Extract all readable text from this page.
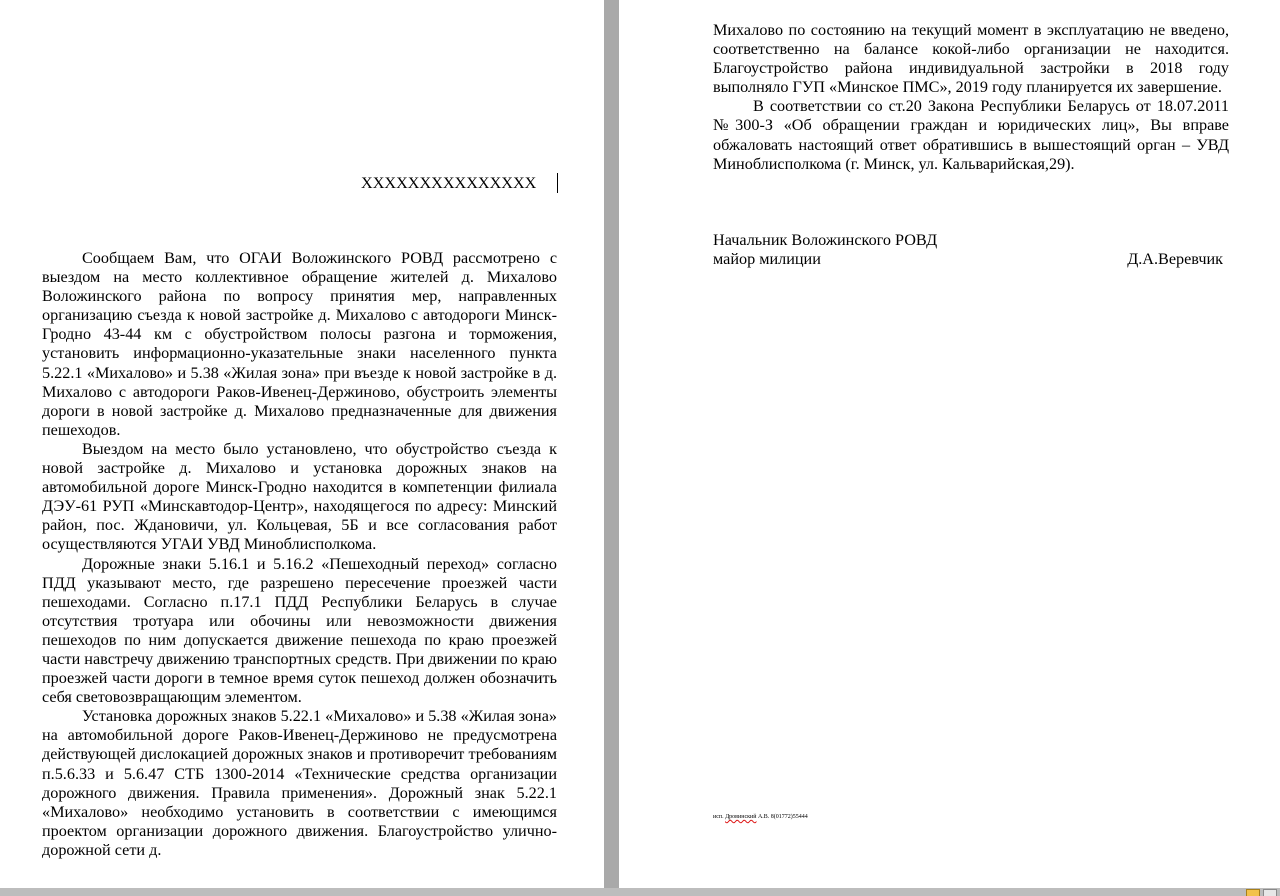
XXXXXXXXXXXXXXX

Сообщаем Вам, что ОГАИ Воложинского РОВД рассмотрено с выездом на место коллективное обращение жителей д. Михалово Воложинского района по вопросу принятия мер, направленных организацию съезда к новой застройке д. Михалово с автодороги Минск-Гродно 43-44 км с обустройством полосы разгона и торможения, установить информационно-указательные знаки населенного пункта 5.22.1 «Михалово» и 5.38 «Жилая зона» при въезде к новой застройке в д. Михалово с автодороги Раков-Ивенец-Держиново, обустроить элементы дороги в новой застройке д. Михалово предназначенные для движения пешеходов.

Выездом на место было установлено, что обустройство съезда к новой застройке д. Михалово и установка дорожных знаков на автомобильной дороге Минск-Гродно находится в компетенции филиала ДЭУ-61 РУП «Минскавтодор-Центр», находящегося по адресу: Минский район, пос. Ждановичи, ул. Кольцевая, 5Б и все согласования работ осуществляются УГАИ УВД Миноблисполкома.

Дорожные знаки 5.16.1 и 5.16.2 «Пешеходный переход» согласно ПДД указывают место, где разрешено пересечение проезжей части пешеходами. Согласно п.17.1 ПДД Республики Беларусь в случае отсутствия тротуара или обочины или невозможности движения пешеходов по ним допускается движение пешехода по краю проезжей части навстречу движению транспортных средств. При движении по краю проезжей части дороги в темное время суток пешеход должен обозначить себя световозвращающим элементом.

Установка дорожных знаков 5.22.1 «Михалово» и 5.38 «Жилая зона» на автомобильной дороге Раков-Ивенец-Держиново не предусмотрена действующей дислокацией дорожных знаков и противоречит требованиям п.5.6.33 и 5.6.47 СТБ 1300-2014 «Технические средства организации дорожного движения. Правила применения». Дорожный знак 5.22.1 «Михалово» необходимо установить в соответствии с имеющимся проектом организации дорожного движения. Благоустройство улично-дорожной сети д.

Михалово по состоянию на текущий момент в эксплуатацию не введено, соответственно на балансе кокой-либо организации не находится. Благоустройство района индивидуальной застройки в 2018 году выполняло ГУП «Минское ПМС», 2019 году планируется их завершение.

В соответствии со ст.20 Закона Республики Беларусь от 18.07.2011 №300-З «Об обращении граждан и юридических лиц», Вы вправе обжаловать настоящий ответ обратившись в вышестоящий орган – УВД Миноблисполкома (г. Минск, ул. Кальварийская,29).

Начальник Воложинского РОВД
майор милиции	Д.А.Веревчик
исп. Дровинский А.В. 8(01772)55444
